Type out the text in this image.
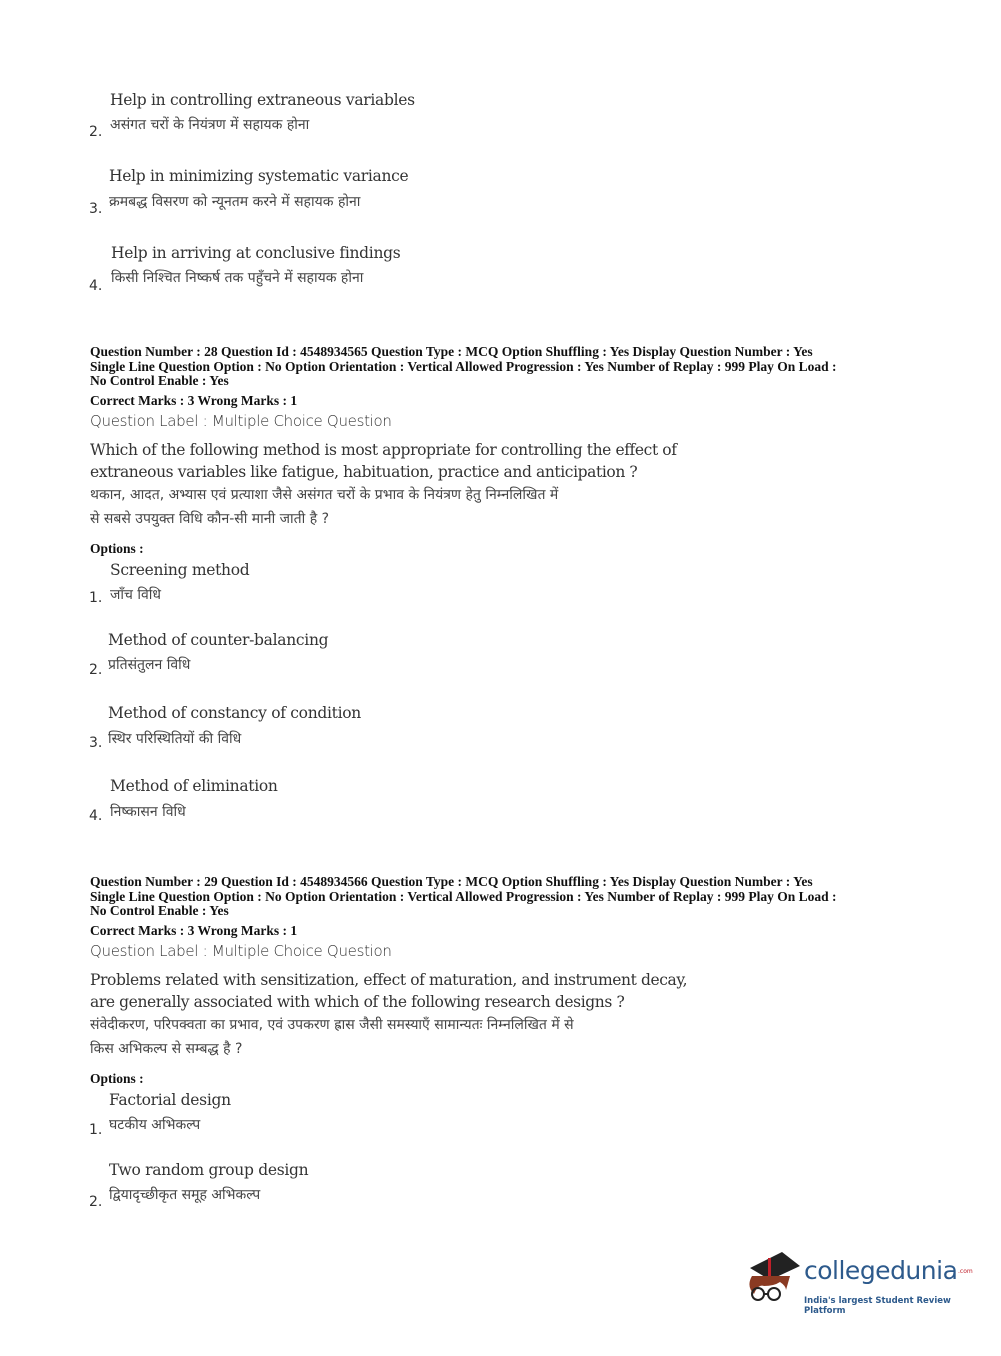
Help in controlling extraneous variables
असंगत चरों के नियंत्रण में सहायक होना
2.
Help in minimizing systematic variance
क्रमबद्ध विसरण को न्यूनतम करने में सहायक होना
3.
Help in arriving at conclusive findings
किसी निश्चित निष्कर्ष तक पहुँचने में सहायक होना
4.
Question Number : 28 Question Id : 4548934565 Question Type : MCQ Option Shuffling : Yes Display Question Number : Yes
Single Line Question Option : No Option Orientation : Vertical Allowed Progression : Yes Number of Replay : 999 Play On Load :
No Control Enable : Yes
Correct Marks : 3 Wrong Marks : 1
Question Label : Multiple Choice Question
Which of the following method is most appropriate for controlling the effect of
extraneous variables like fatigue, habituation, practice and anticipation ?
थकान, आदत, अभ्यास एवं प्रत्याशा जैसे असंगत चरों के प्रभाव के नियंत्रण हेतु निम्नलिखित में
से सबसे उपयुक्त विधि कौन-सी मानी जाती है ?
Options :
Screening method
जाँच विधि
1.
Method of counter-balancing
प्रतिसंतुलन विधि
2.
Method of constancy of condition
स्थिर परिस्थितियों की विधि
3.
Method of elimination
निष्कासन विधि
4.
Question Number : 29 Question Id : 4548934566 Question Type : MCQ Option Shuffling : Yes Display Question Number : Yes
Single Line Question Option : No Option Orientation : Vertical Allowed Progression : Yes Number of Replay : 999 Play On Load :
No Control Enable : Yes
Correct Marks : 3 Wrong Marks : 1
Question Label : Multiple Choice Question
Problems related with sensitization, effect of maturation, and instrument decay,
are generally associated with which of the following research designs ?
संवेदीकरण, परिपक्वता का प्रभाव, एवं उपकरण ह्रास जैसी समस्याएँ सामान्यतः निम्नलिखित में से
किस अभिकल्प से सम्बद्ध है ?
Options :
Factorial design
घटकीय अभिकल्प
1.
Two random group design
द्वियादृच्छीकृत समूह अभिकल्प
2.
collegedunia .com
India's largest Student Review Platform
